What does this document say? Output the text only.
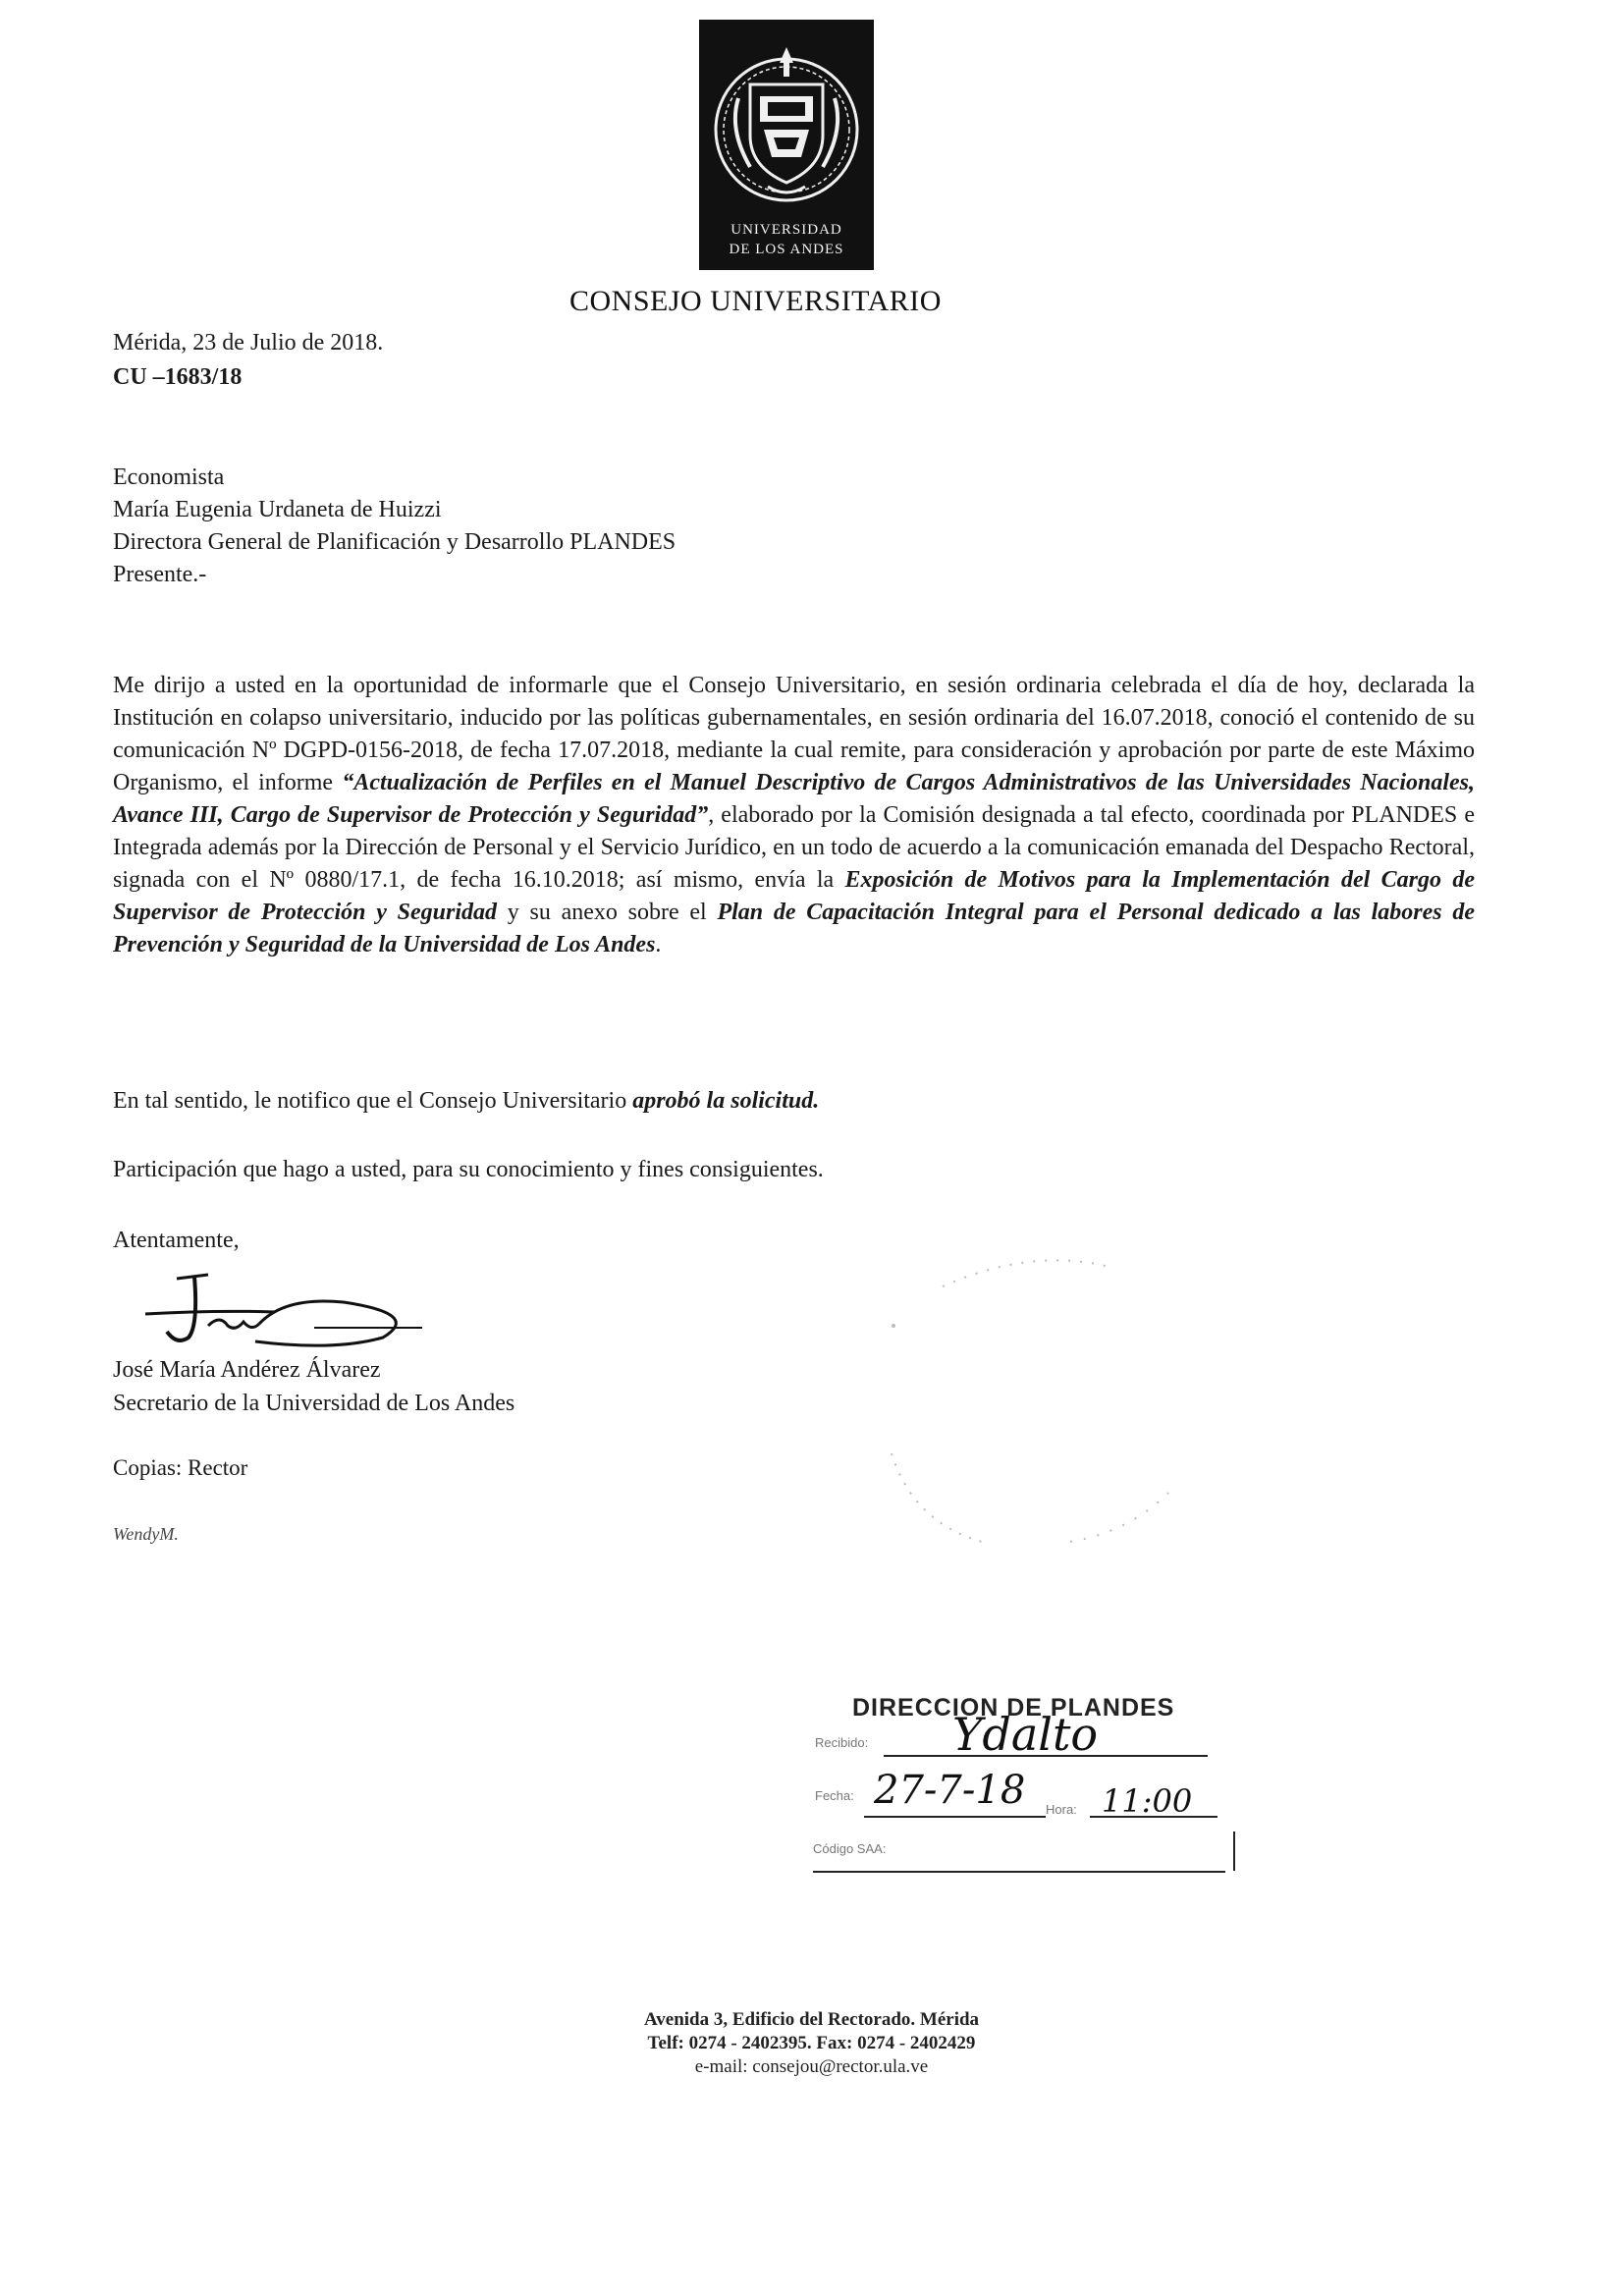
UNIVERSIDAD
DE LOS ANDES
CONSEJO UNIVERSITARIO
Mérida, 23 de Julio de 2018.
CU –1683/18
Economista
María Eugenia Urdaneta de Huizzi
Directora General de Planificación y Desarrollo PLANDES
Presente.-
Me dirijo a usted en la oportunidad de informarle que el Consejo Universitario, en sesión ordinaria celebrada el día de hoy, declarada la Institución en colapso universitario, inducido por las políticas gubernamentales, en sesión ordinaria del 16.07.2018, conoció el contenido de su comunicación Nº DGPD-0156-2018, de fecha 17.07.2018, mediante la cual remite, para consideración y aprobación por parte de este Máximo Organismo, el informe “Actualización de Perfiles en el Manuel Descriptivo de Cargos Administrativos de las Universidades Nacionales, Avance III, Cargo de Supervisor de Protección y Seguridad”, elaborado por la Comisión designada a tal efecto, coordinada por PLANDES e Integrada además por la Dirección de Personal y el Servicio Jurídico, en un todo de acuerdo a la comunicación emanada del Despacho Rectoral, signada con el Nº 0880/17.1, de fecha 16.10.2018; así mismo, envía la Exposición de Motivos para la Implementación del Cargo de Supervisor de Protección y Seguridad y su anexo sobre el Plan de Capacitación Integral para el Personal dedicado a las labores de Prevención y Seguridad de la Universidad de Los Andes.
En tal sentido, le notifico que el Consejo Universitario aprobó la solicitud.
Participación que hago a usted, para su conocimiento y fines consiguientes.
Atentamente,
José María Andérez Álvarez
Secretario de la Universidad de Los Andes
Copias: Rector
WendyM.
DIRECCION DE PLANDES
Recibido: Ydalto
Fecha: 27-7-18 Hora: 11:00
Código SAA:
Avenida 3, Edificio del Rectorado. Mérida
Telf: 0274 - 2402395. Fax: 0274 - 2402429
e-mail: consejou@rector.ula.ve
